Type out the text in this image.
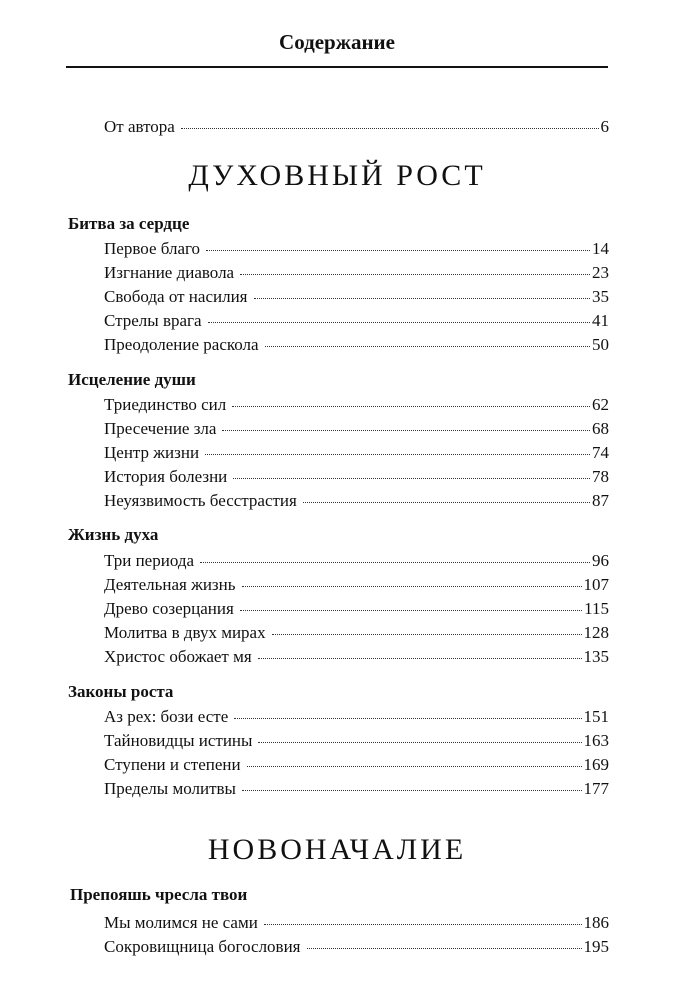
Содержание
От автора	6
ДУХОВНЫЙ РОСТ
Битва за сердце
Первое благо	14
Изгнание диавола	23
Свобода от насилия	35
Стрелы врага	41
Преодоление раскола	50
Исцеление души
Триединство сил	62
Пресечение зла	68
Центр жизни	74
История болезни	78
Неуязвимость бесстрастия	87
Жизнь духа
Три периода	96
Деятельная жизнь	107
Древо созерцания	115
Молитва в двух мирах	128
Христос обожает мя	135
Законы роста
Аз рех: бози есте	151
Тайновидцы истины	163
Ступени и степени	169
Пределы молитвы	177
НОВОНАЧАЛИЕ
Препояшь чресла твои
Мы молимся не сами	186
Сокровищница богословия	195
